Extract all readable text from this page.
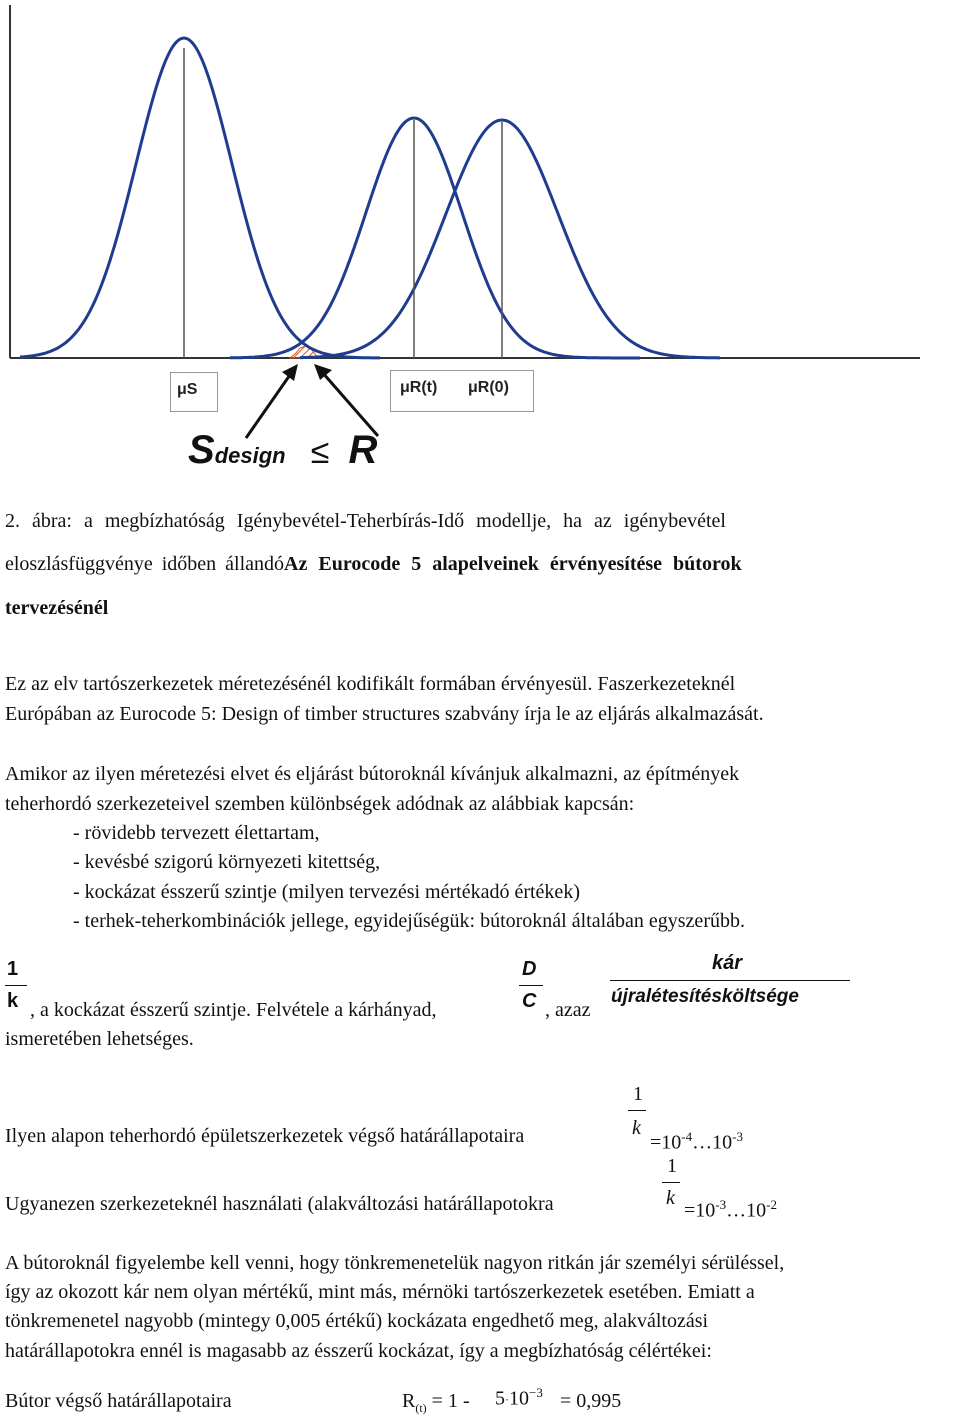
μS	μR(t) μR(0)
Sdesign ≤ R
2. ábra: a megbízhatóság Igénybevétel-Teherbírás-Idő modellje, ha az igénybevétel
eloszlásfüggvénye időben állandóAz Eurocode 5 alapelveinek érvényesítése bútorok
tervezésénél
Ez az elv tartószerkezetek méretezésénél kodifikált formában érvényesül. Faszerkezeteknél
Európában az Eurocode 5: Design of timber structures szabvány írja le az eljárás alkalmazását.
Amikor az ilyen méretezési elvet és eljárást bútoroknál kívánjuk alkalmazni, az építmények
teherhordó szerkezeteivel szemben különbségek adódnak az alábbiak kapcsán:
- rövidebb tervezett élettartam,
- kevésbé szigorú környezeti kitettség,
- kockázat ésszerű szintje (milyen tervezési mértékadó értékek)
- terhek-teherkombinációk jellege, egyidejűségük: bútoroknál általában egyszerűbb.
1
k , a kockázat ésszerű szintje. Felvétele a kárhányad,
D
C , azaz
kár
újralétesítésköltsége
ismeretében lehetséges.
1
k
Ilyen alapon teherhordó épületszerkezetek végső határállapotaira	$=10^{-4}\dots 10^{-3}$
1
k
Ugyanezen szerkezeteknél használati (alakváltozási határállapotokra	$=10^{-3}\dots 10^{-2}$
A bútoroknál figyelembe kell venni, hogy tönkremenetelük nagyon ritkán jár személyi sérüléssel,
így az okozott kár nem olyan mértékű, mint más, mérnöki tartószerkezetek esetében. Emiatt a
tönkremenetel nagyobb (mintegy 0,005 értékű) kockázata engedhető meg, alakváltozási
határállapotokra ennél is magasabb az ésszerű kockázat, így a megbízhatóság célértékei:
Bútor végső határállapotaira	$R_{(t)} = 1 - 5\cdot 10^{-3} = 0,995$
